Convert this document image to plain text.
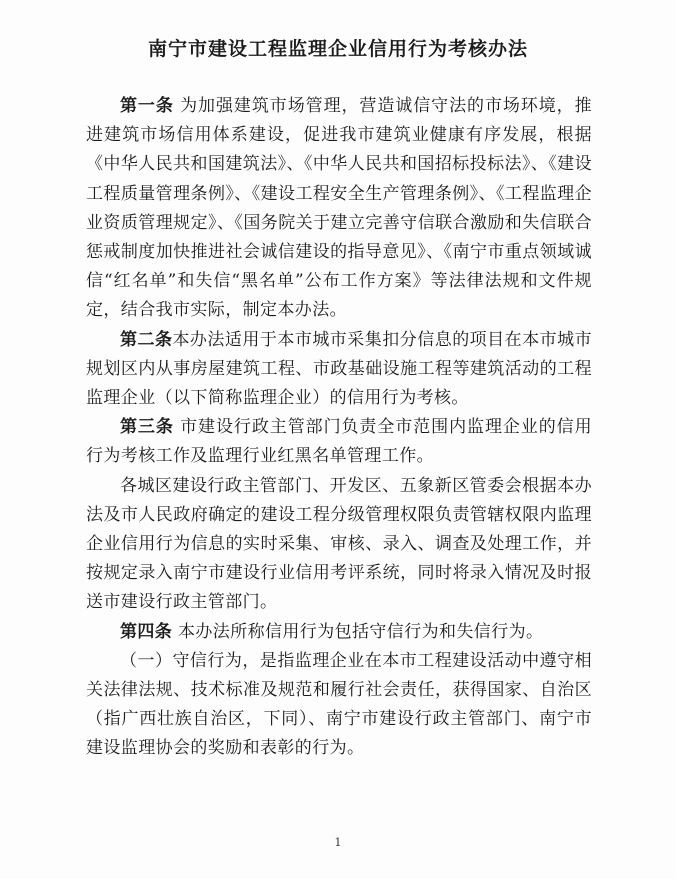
南宁市建设工程监理企业信用行为考核办法

第一条 为加强建筑市场管理，营造诚信守法的市场环境，推进建筑市场信用体系建设，促进我市建筑业健康有序发展，根据《中华人民共和国建筑法》、《中华人民共和国招标投标法》、《建设工程质量管理条例》、《建设工程安全生产管理条例》、《工程监理企业资质管理规定》、《国务院关于建立完善守信联合激励和失信联合惩戒制度加快推进社会诚信建设的指导意见》、《南宁市重点领域诚信“红名单”和失信“黑名单”公布工作方案》等法律法规和文件规定，结合我市实际，制定本办法。

第二条本办法适用于本市城市采集扣分信息的项目在本市城市规划区内从事房屋建筑工程、市政基础设施工程等建筑活动的工程监理企业（以下简称监理企业）的信用行为考核。

第三条 市建设行政主管部门负责全市范围内监理企业的信用行为考核工作及监理行业红黑名单管理工作。

各城区建设行政主管部门、开发区、五象新区管委会根据本办法及市人民政府确定的建设工程分级管理权限负责管辖权限内监理企业信用行为信息的实时采集、审核、录入、调查及处理工作，并按规定录入南宁市建设行业信用考评系统，同时将录入情况及时报送市建设行政主管部门。

第四条 本办法所称信用行为包括守信行为和失信行为。

（一）守信行为，是指监理企业在本市工程建设活动中遵守相关法律法规、技术标准及规范和履行社会责任，获得国家、自治区（指广西壮族自治区，下同）、南宁市建设行政主管部门、南宁市建设监理协会的奖励和表彰的行为。

1
